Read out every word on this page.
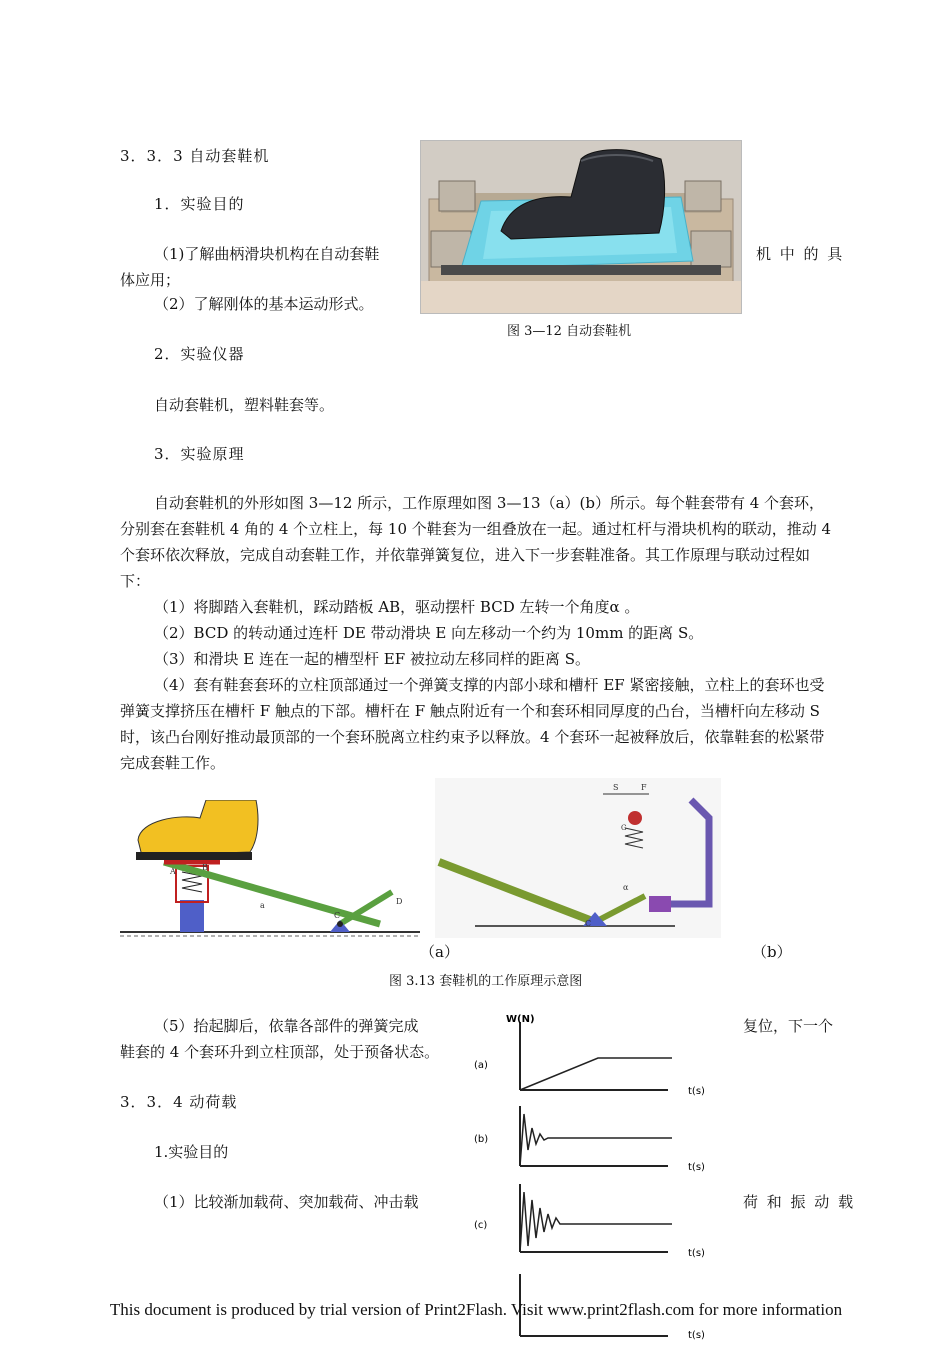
3．3．3 自动套鞋机
1．实验目的
（1)了解曲柄滑块机构在自动套鞋	机 中 的 具
体应用；
（2）了解刚体的基本运动形式。
图 3—12 自动套鞋机
2．实验仪器
自动套鞋机，塑料鞋套等。
3．实验原理

自动套鞋机的外形如图 3—12 所示，工作原理如图 3—13（a）(b）所示。每个鞋套带有 4 个套环，分别套在套鞋机 4 角的 4 个立柱上，每 10 个鞋套为一组叠放在一起。通过杠杆与滑块机构的联动，推动 4 个套环依次释放，完成自动套鞋工作，并依靠弹簧复位，进入下一步套鞋准备。其工作原理与联动过程如下：

（1）将脚踏入套鞋机，踩动踏板 AB，驱动摆杆 BCD 左转一个角度α 。

（2）BCD 的转动通过连杆 DE 带动滑块 E 向左移动一个约为 10mm 的距离 S。

（3）和滑块 E 连在一起的槽型杆 EF 被拉动左移同样的距离 S。

（4）套有鞋套套环的立柱顶部通过一个弹簧支撑的内部小球和槽杆 EF 紧密接触，立柱上的套环也受弹簧支撑挤压在槽杆 F 触点的下部。槽杆在 F 触点附近有一个和套环相同厚度的凸台，当槽杆向左移动 S 时，该凸台刚好推动最顶部的一个套环脱离立柱约束予以释放。4 个套环一起被释放后，依靠鞋套的松紧带完成套鞋工作。

B
A
a
C
D
S	F
G
C
α
（a）	（b）
图 3.13 套鞋机的工作原理示意图
（5）抬起脚后，依靠各部件的弹簧完成	复位，下一个
鞋套的 4 个套环升到立柱顶部，处于预备状态。
3．3．4 动荷载
1.实验目的
（1）比较渐加载荷、突加载荷、冲击载	荷 和 振 动 载
W(N)
(a)
t(s)
(b)
t(s)
(c)
t(s)
t(s)
This document is produced by trial version of Print2Flash. Visit www.print2flash.com for more information
